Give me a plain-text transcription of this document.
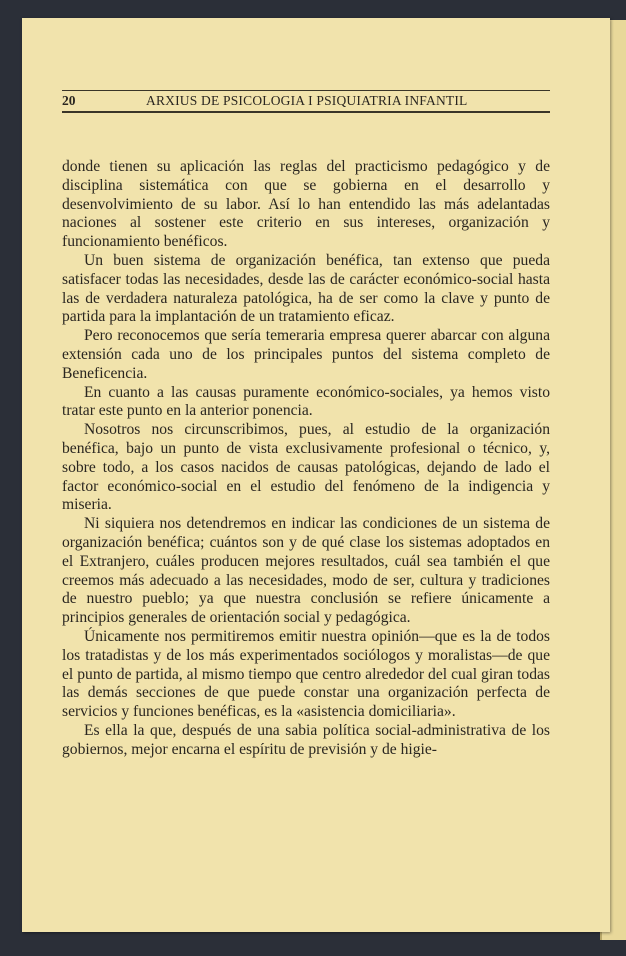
20	ARXIUS DE PSICOLOGIA I PSIQUIATRIA INFANTIL

donde tienen su aplicación las reglas del practicismo pedagógico y de disciplina sistemática con que se gobierna en el desarrollo y desenvolvimiento de su labor. Así lo han entendido las más adelantadas naciones al sostener este criterio en sus intereses, organización y funcionamiento benéficos.

Un buen sistema de organización benéfica, tan extenso que pueda satisfacer todas las necesidades, desde las de carácter económico-social hasta las de verdadera naturaleza patológica, ha de ser como la clave y punto de partida para la implantación de un tratamiento eficaz.

Pero reconocemos que sería temeraria empresa querer abarcar con alguna extensión cada uno de los principales puntos del sistema completo de Beneficencia.

En cuanto a las causas puramente económico-sociales, ya hemos visto tratar este punto en la anterior ponencia.

Nosotros nos circunscribimos, pues, al estudio de la organización benéfica, bajo un punto de vista exclusivamente profesional o técnico, y, sobre todo, a los casos nacidos de causas patológicas, dejando de lado el factor económico-social en el estudio del fenómeno de la indigencia y miseria.

Ni siquiera nos detendremos en indicar las condiciones de un sistema de organización benéfica; cuántos son y de qué clase los sistemas adoptados en el Extranjero, cuáles producen mejores resultados, cuál sea también el que creemos más adecuado a las necesidades, modo de ser, cultura y tradiciones de nuestro pueblo; ya que nuestra conclusión se refiere únicamente a principios generales de orientación social y pedagógica.

Únicamente nos permitiremos emitir nuestra opinión—que es la de todos los tratadistas y de los más experimentados sociólogos y moralistas—de que el punto de partida, al mismo tiempo que centro alrededor del cual giran todas las demás secciones de que puede constar una organización perfecta de servicios y funciones benéficas, es la «asistencia domiciliaria».

Es ella la que, después de una sabia política social-administrativa de los gobiernos, mejor encarna el espíritu de previsión y de higie-
